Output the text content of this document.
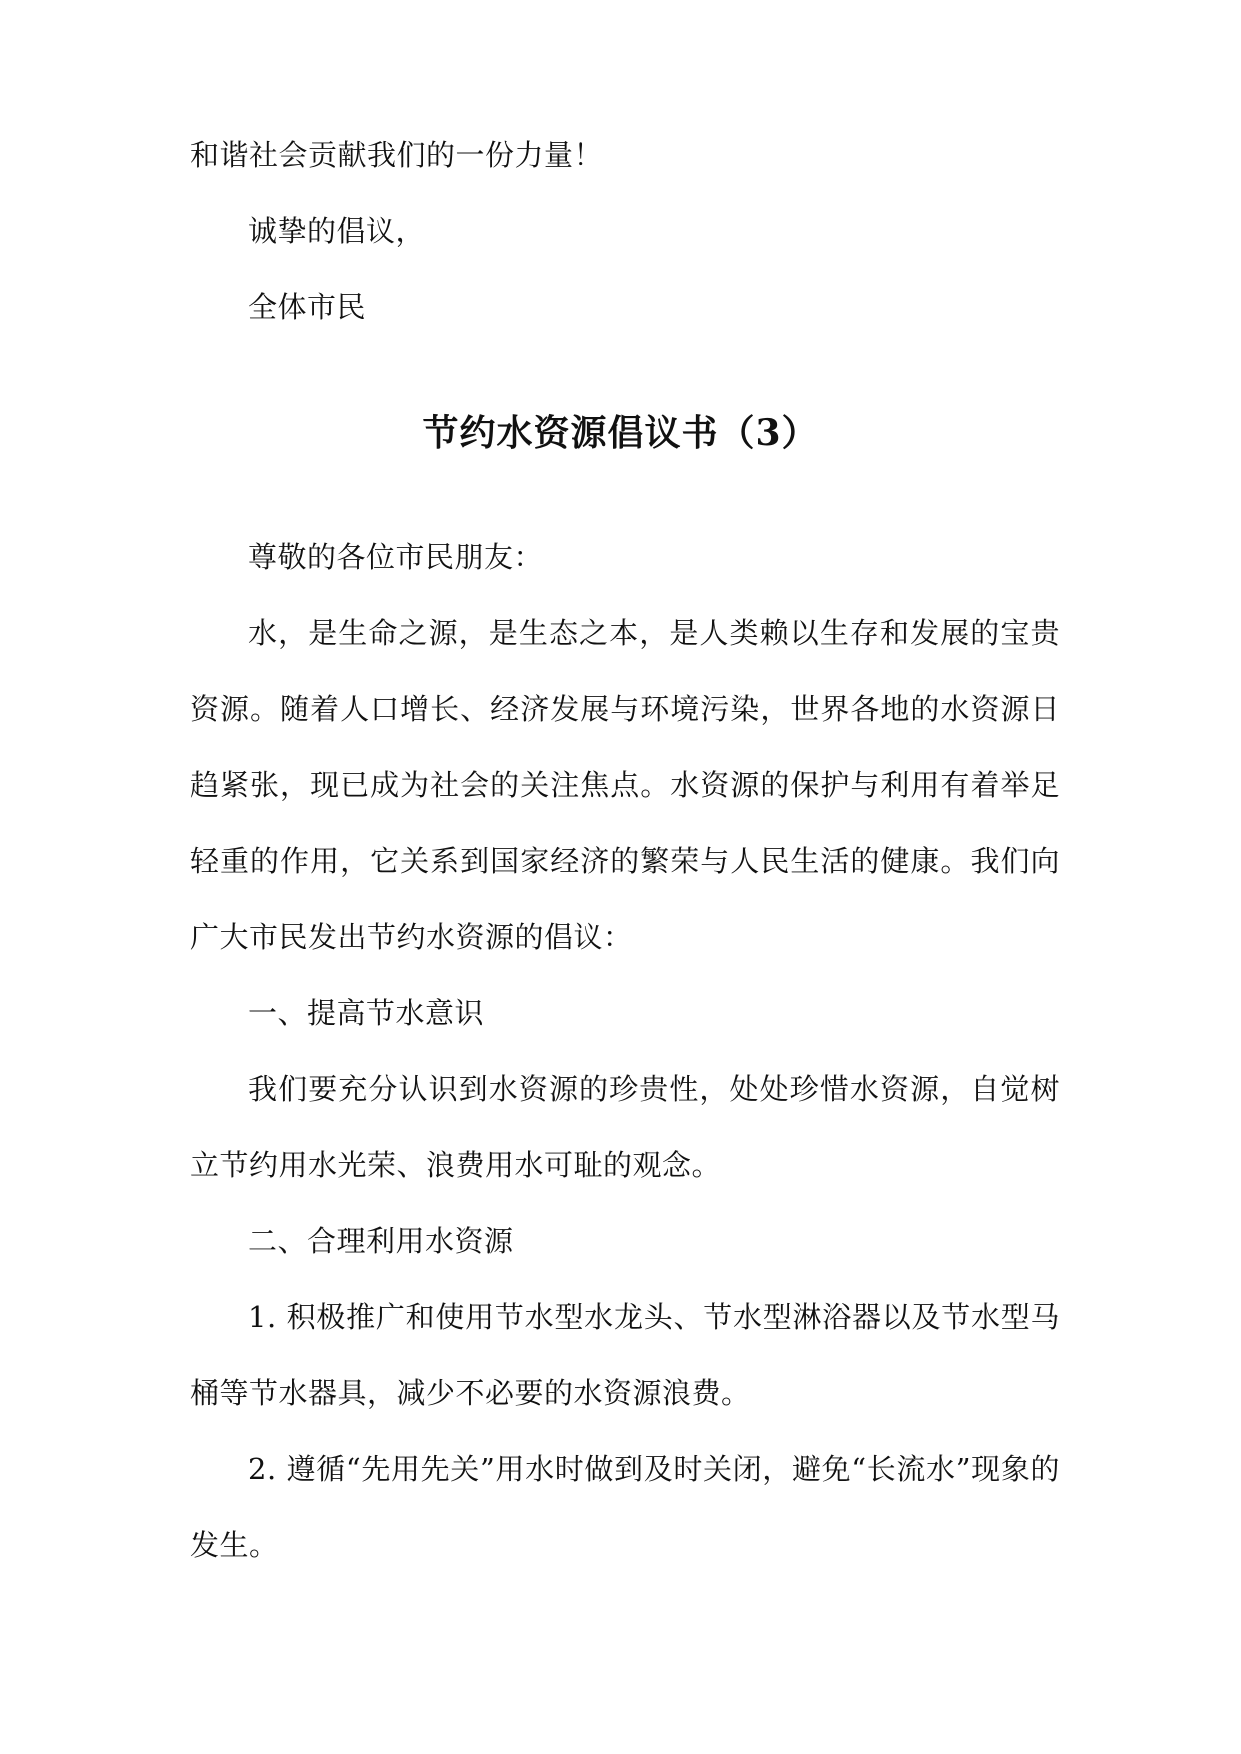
和谐社会贡献我们的一份力量！

诚挚的倡议，

全体市民

节约水资源倡议书（3）

尊敬的各位市民朋友：

水，是生命之源，是生态之本，是人类赖以生存和发展的宝贵资源。随着人口增长、经济发展与环境污染，世界各地的水资源日趋紧张，现已成为社会的关注焦点。水资源的保护与利用有着举足轻重的作用，它关系到国家经济的繁荣与人民生活的健康。我们向广大市民发出节约水资源的倡议：

一、提高节水意识

我们要充分认识到水资源的珍贵性，处处珍惜水资源，自觉树立节约用水光荣、浪费用水可耻的观念。

二、合理利用水资源

1. 积极推广和使用节水型水龙头、节水型淋浴器以及节水型马桶等节水器具，减少不必要的水资源浪费。

2. 遵循“先用先关”用水时做到及时关闭，避免“长流水”现象的发生。
